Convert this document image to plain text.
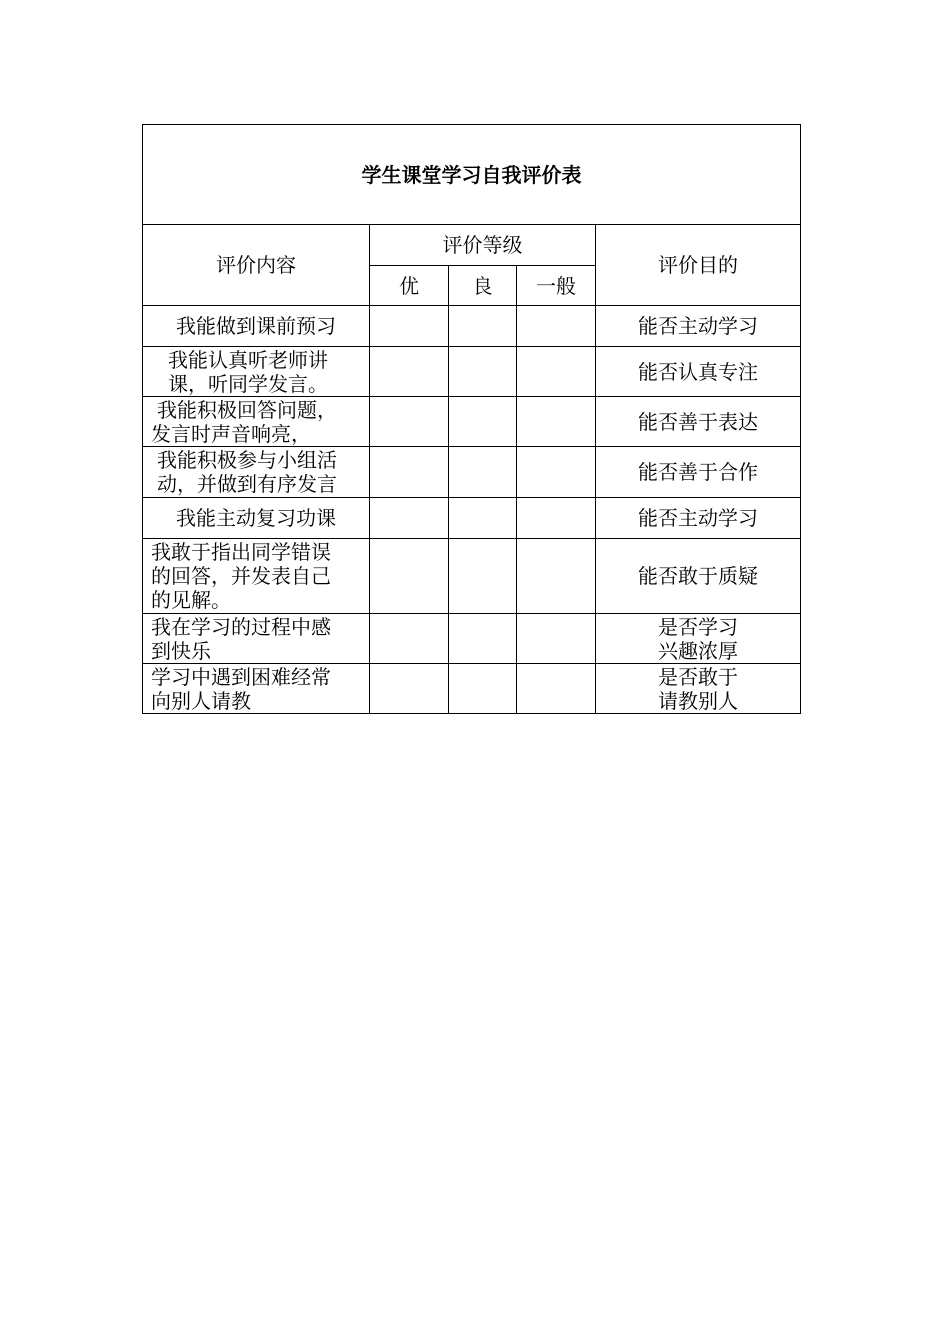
学生课堂学习自我评价表				
评价内容	评价等级			评价目的
	优	良	一般	

我能做到课前预习				能否主动学习

我能认真听老师讲
课，听同学发言。				能否认真专注

我能积极回答问题，
发言时声音响亮，				能否善于表达

我能积极参与小组活
动，并做到有序发言				能否善于合作

我能主动复习功课				能否主动学习

我敢于指出同学错误
的回答，并发表自己
的见解。				能否敢于质疑

我在学习的过程中感
到快乐				是否学习
兴趣浓厚

学习中遇到困难经常
向别人请教				是否敢于
请教别人
